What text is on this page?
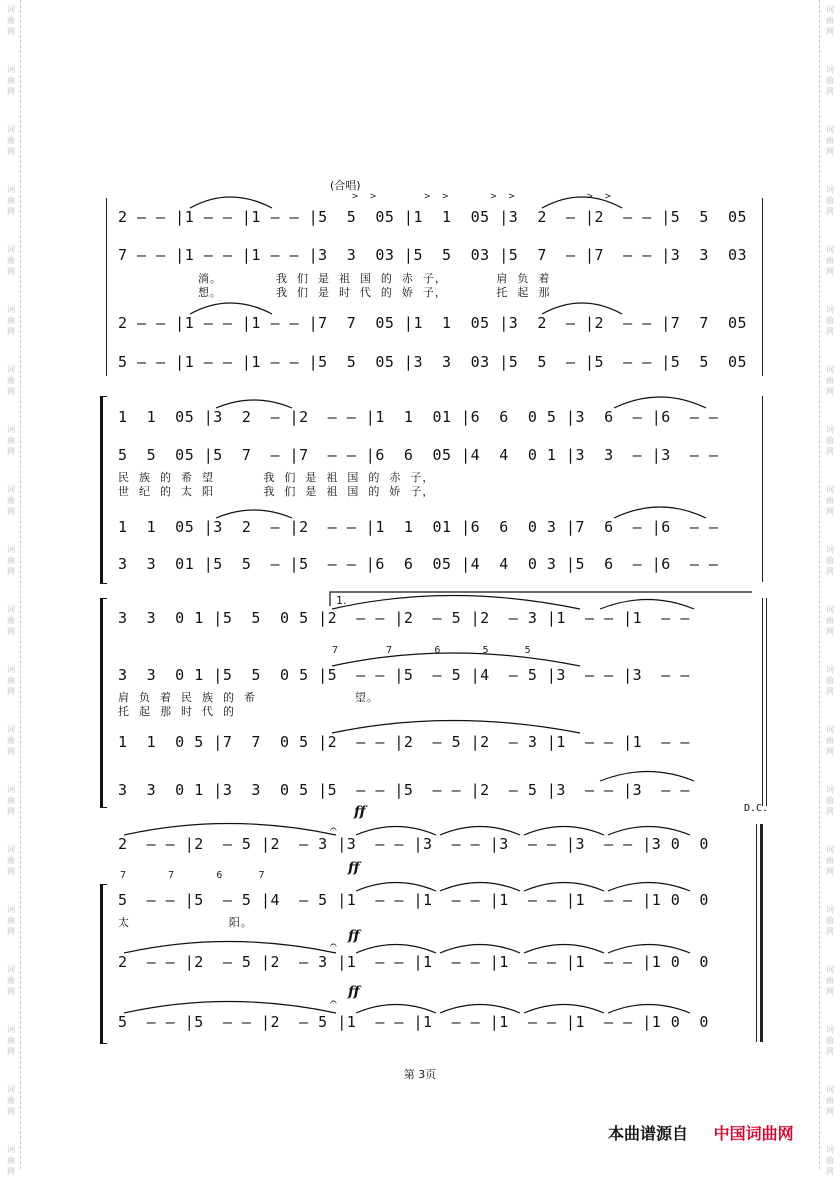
词
曲
网
词
曲
网
词
曲
网
词
曲
网
词
曲
网
词
曲
网
词
曲
网
词
曲
网
词
曲
网
词
曲
网
词
曲
网
词
曲
网
词
曲
网
词
曲
网
词
曲
网
词
曲
网
词
曲
网
词
曲
网
词
曲
网
词
曲
网
词
曲
网
词
曲
网
词
曲
网
词
曲
网
词
曲
网
词
曲
网
词
曲
网
词
曲
网
词
曲
网
词
曲
网
词
曲
网
词
曲
网
词
曲
网
词
曲
网
词
曲
网
词
曲
网
词
曲
网
词
曲
网
词
曲
网
词
曲
网
(合唱)
>  >        >  >       >  >            >  >
2 — — |1 — — |1 — — |5  5  05 |1  1  05 |3  2  — |2  — — |5  5  05
7 — — |1 — — |1 — — |3  3  03 |5  5  03 |5  7  — |7  — — |3  3  03
淌。            我  们  是  祖  国  的  赤  子，           肩  负  着
想。            我  们  是  时  代  的  娇  子，           托  起  那
2 — — |1 — — |1 — — |7  7  05 |1  1  05 |3  2  — |2  — — |7  7  05
5 — — |1 — — |1 — — |5  5  05 |3  3  03 |5  5  — |5  — — |5  5  05
1  1  05 |3  2  — |2  — — |1  1  01 |6  6  0 5 |3  6  — |6  — —
5  5  05 |5  7  — |7  — — |6  6  05 |4  4  0 1 |3  3  — |3  — —
民  族  的  希  望           我  们  是  祖  国  的  赤  子，
世  纪  的  太  阳           我  们  是  祖  国  的  娇  子，
1  1  05 |3  2  — |2  — — |1  1  01 |6  6  0 3 |7  6  — |6  — —
3  3  01 |5  5  — |5  — — |6  6  05 |4  4  0 3 |5  6  — |6  — —
1.
3  3  0 1 |5  5  0 5 |2  — — |2  — 5 |2  — 3 |1  — — |1  — —
7        7       6       5      5
3  3  0 1 |5  5  0 5 |5  — — |5  — 5 |4  — 5 |3  — — |3  — —
肩  负  着  民  族  的  希                      望。
托  起  那  时  代  的
1  1  0 5 |7  7  0 5 |2  — — |2  — 5 |2  — 3 |1  — — |1  — —
3  3  0 1 |3  3  0 5 |5  — — |5  — — |2  — 5 |3  — — |3  — —
D.C.
2  — — |2  — 5 |2  — 3 |3  — — |3  — — |3  — — |3  — — |3 0  0
7       7       6      7
5  — — |5  — 5 |4  — 5 |1  — — |1  — — |1  — — |1  — — |1 0  0
太                      阳。
2  — — |2  — 5 |2  — 3 |1  — — |1  — — |1  — — |1  — — |1 0  0
5  — — |5  — — |2  — 5 |1  — — |1  — — |1  — — |1  — — |1 0  0
ff
ff
ff
ff
𝄐
𝄐
𝄐
第 3页
本曲谱源自 中国词曲网
